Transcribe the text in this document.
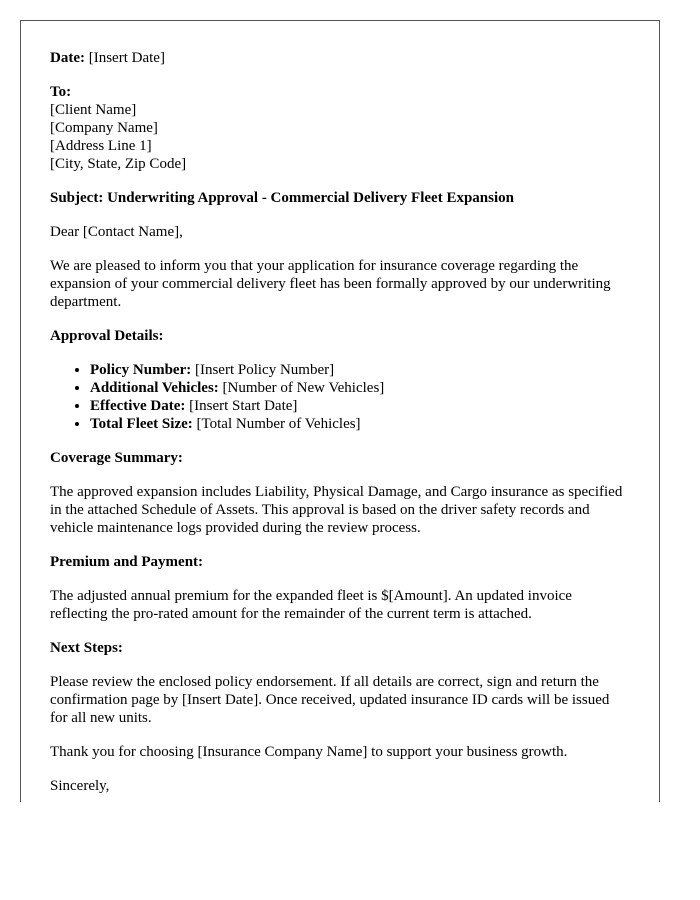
Date: [Insert Date]

To:
[Client Name]
[Company Name]
[Address Line 1]
[City, State, Zip Code]

Subject: Underwriting Approval - Commercial Delivery Fleet Expansion

Dear [Contact Name],

We are pleased to inform you that your application for insurance coverage regarding the expansion of your commercial delivery fleet has been formally approved by our underwriting department.

Approval Details:

• Policy Number: [Insert Policy Number]
• Additional Vehicles: [Number of New Vehicles]
• Effective Date: [Insert Start Date]
• Total Fleet Size: [Total Number of Vehicles]

Coverage Summary:

The approved expansion includes Liability, Physical Damage, and Cargo insurance as specified in the attached Schedule of Assets. This approval is based on the driver safety records and vehicle maintenance logs provided during the review process.

Premium and Payment:

The adjusted annual premium for the expanded fleet is $[Amount]. An updated invoice reflecting the pro-rated amount for the remainder of the current term is attached.

Next Steps:

Please review the enclosed policy endorsement. If all details are correct, sign and return the confirmation page by [Insert Date]. Once received, updated insurance ID cards will be issued for all new units.

Thank you for choosing [Insurance Company Name] to support your business growth.

Sincerely,
